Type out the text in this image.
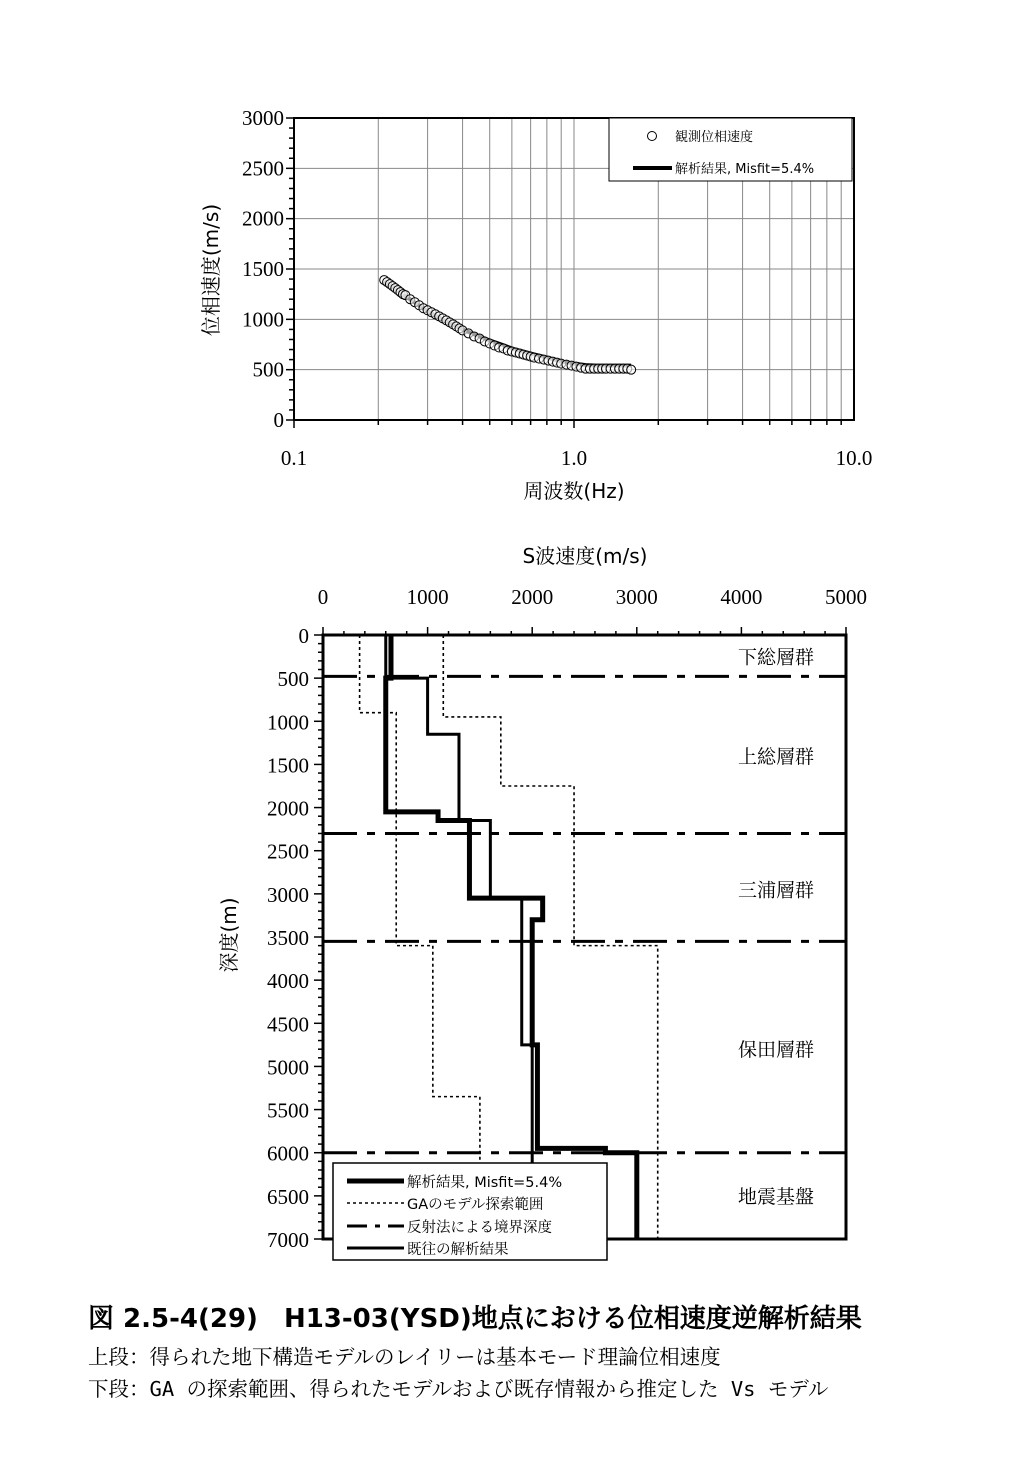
0
500
1000
1500
2000
2500
3000
0.1	1.0	10.0
周波数(Hz)
位相速度(m/s)
観測位相速度
解析結果, Misfit=5.4%
S波速度(m/s)
0	1000	2000	3000	4000	5000
0
500
1000
1500
2000
2500
3000
3500
4000
4500
5000
5500
6000
6500
7000
深度(m)
下総層群
上総層群
三浦層群
保田層群
地震基盤
解析結果, Misfit=5.4%
GAのモデル探索範囲
反射法による境界深度
既往の解析結果
図 2.5-4(29)　H13-03(YSD)地点における位相速度逆解析結果
上段：得られた地下構造モデルのレイリーは基本モード理論位相速度
下段：GA の探索範囲、得られたモデルおよび既存情報から推定した Vs モデル
